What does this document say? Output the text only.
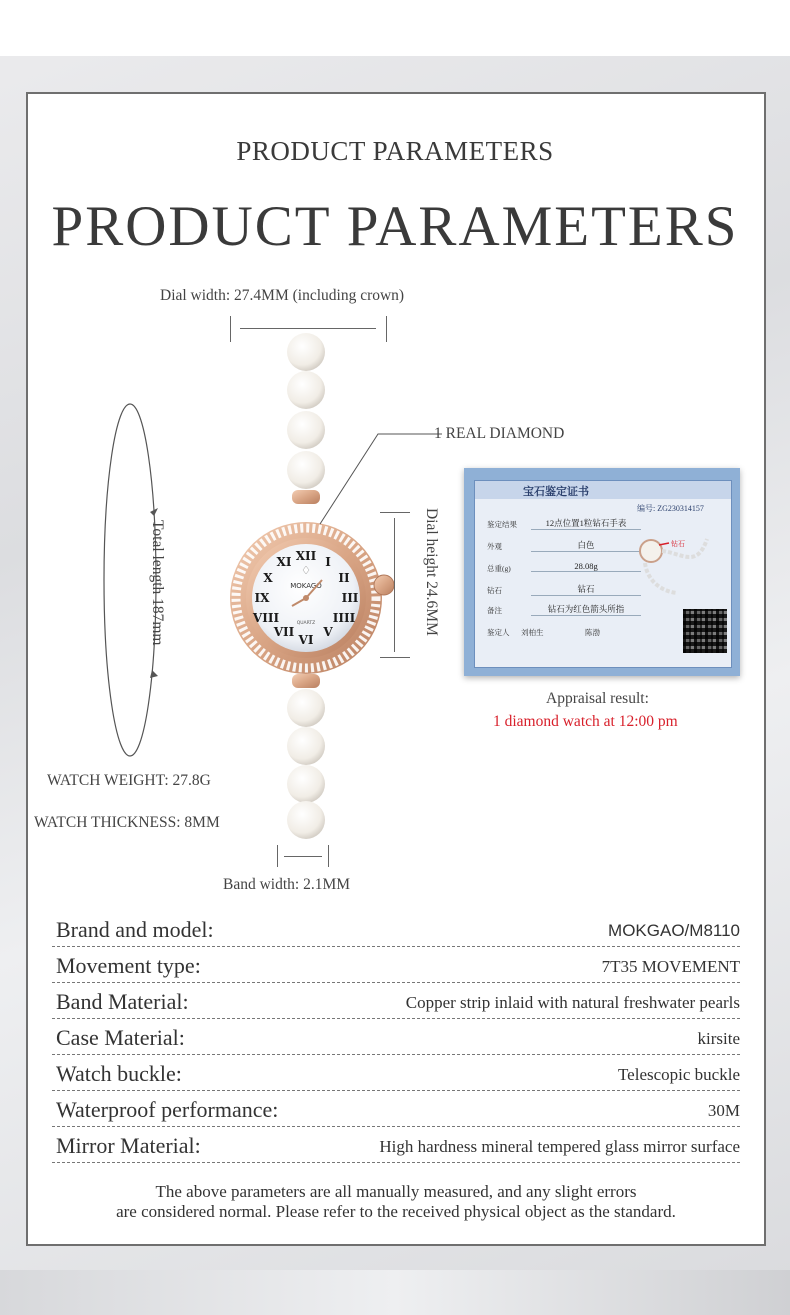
PRODUCT PARAMETERS
PRODUCT PARAMETERS
Dial width: 27.4MM (including crown)
Total length 187mm	XII I
II
III
IIII
V
VI
VII
VIII
IX
X
XI
MOKAGO
QUARTZ
1 REAL DIAMOND
Dial height 24.6MM
WATCH WEIGHT: 27.8G
WATCH THICKNESS: 8MM
Band width: 2.1MM
宝石鉴定证书
编号: ZG230314157
鉴定结果	12点位置1粒钻石手表
外观	白色
总重(g)	28.08g
钻石	钻石
备注	钻石为红色箭头所指
鉴定人 刘柏生	陈渤
钻石
Appraisal result:
1 diamond watch at 12:00 pm
Brand and model:	MOKGAO/M8110
Movement type:	7T35 MOVEMENT
Band Material:	Copper strip inlaid with natural freshwater pearls
Case Material:	kirsite
Watch buckle:	Telescopic buckle
Waterproof performance:	30M
Mirror Material:	High hardness mineral tempered glass mirror surface
The above parameters are all manually measured, and any slight errors
are considered normal. Please refer to the received physical object as the standard.
